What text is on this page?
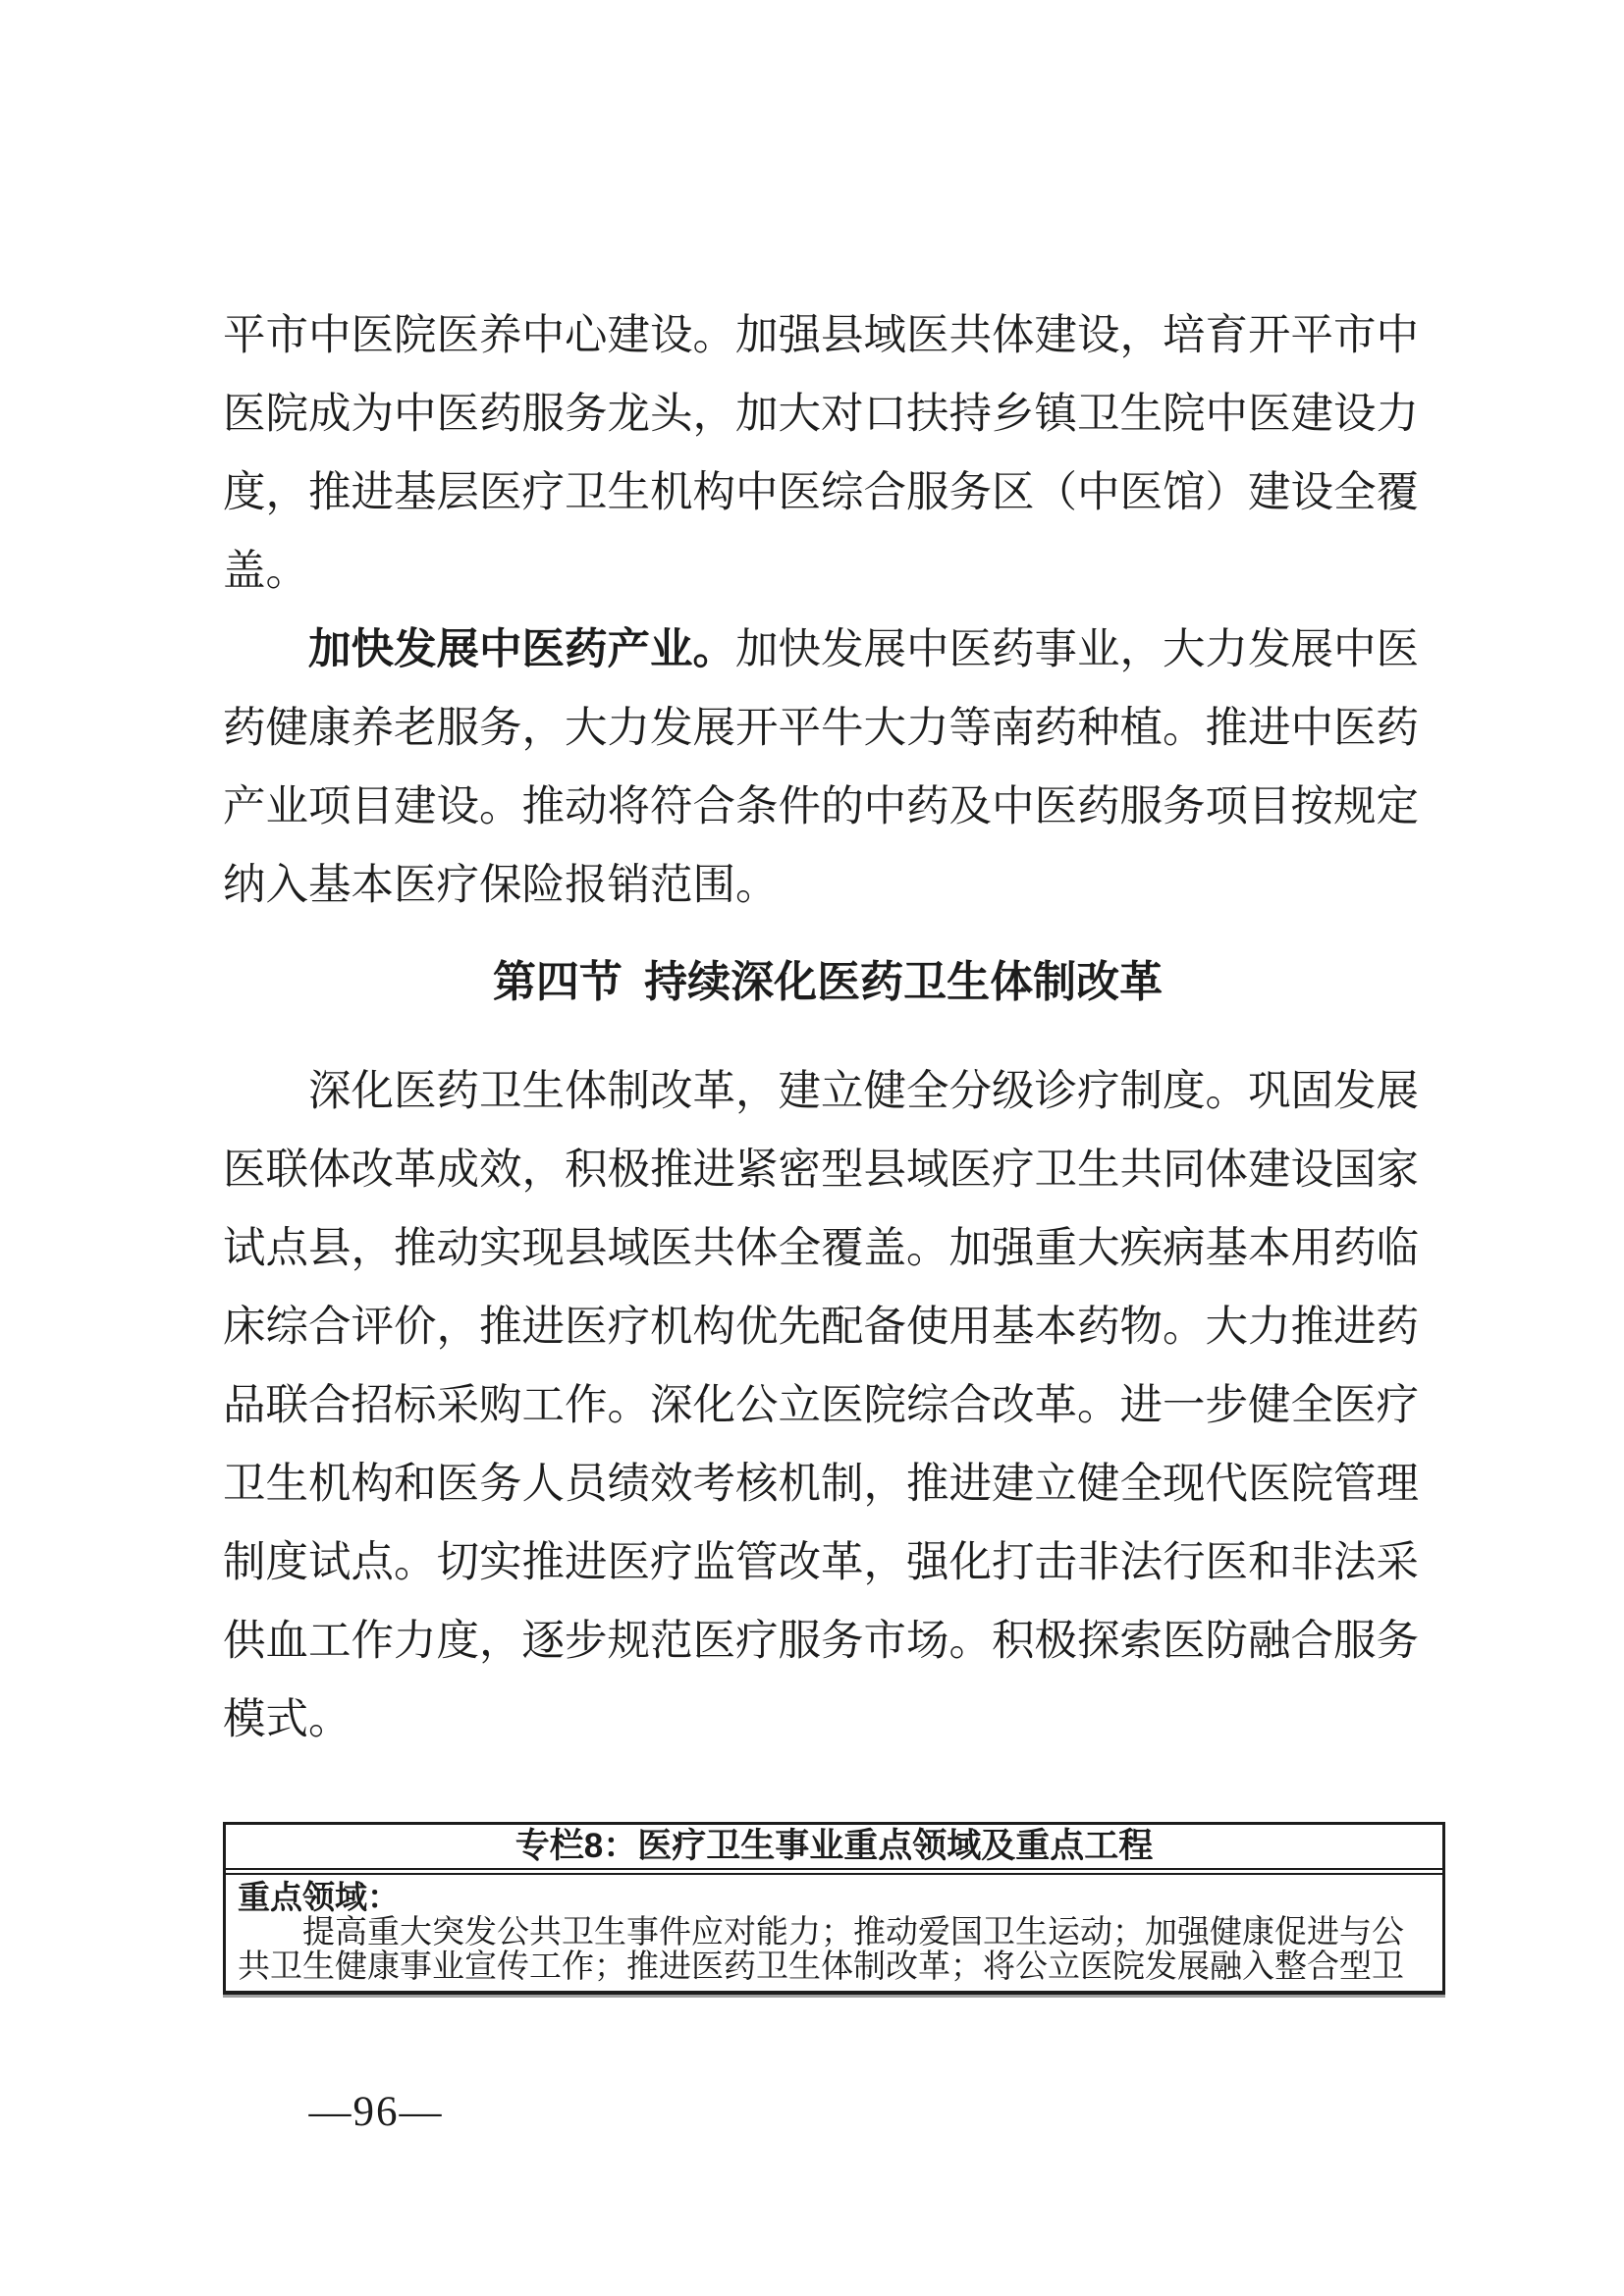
平市中医院医养中心建设。加强县域医共体建设，培育开平市中
医院成为中医药服务龙头，加大对口扶持乡镇卫生院中医建设力
度，推进基层医疗卫生机构中医综合服务区（中医馆）建设全覆
盖。
加快发展中医药产业。加快发展中医药事业，大力发展中医
药健康养老服务，大力发展开平牛大力等南药种植。推进中医药
产业项目建设。推动将符合条件的中药及中医药服务项目按规定
纳入基本医疗保险报销范围。
第四节 持续深化医药卫生体制改革
深化医药卫生体制改革，建立健全分级诊疗制度。巩固发展
医联体改革成效，积极推进紧密型县域医疗卫生共同体建设国家
试点县，推动实现县域医共体全覆盖。加强重大疾病基本用药临
床综合评价，推进医疗机构优先配备使用基本药物。大力推进药
品联合招标采购工作。深化公立医院综合改革。进一步健全医疗
卫生机构和医务人员绩效考核机制，推进建立健全现代医院管理
制度试点。切实推进医疗监管改革，强化打击非法行医和非法采
供血工作力度，逐步规范医疗服务市场。积极探索医防融合服务
模式。
专栏8：医疗卫生事业重点领域及重点工程
重点领域：
提高重大突发公共卫生事件应对能力；推动爱国卫生运动；加强健康促进与公
共卫生健康事业宣传工作；推进医药卫生体制改革；将公立医院发展融入整合型卫
—96—
